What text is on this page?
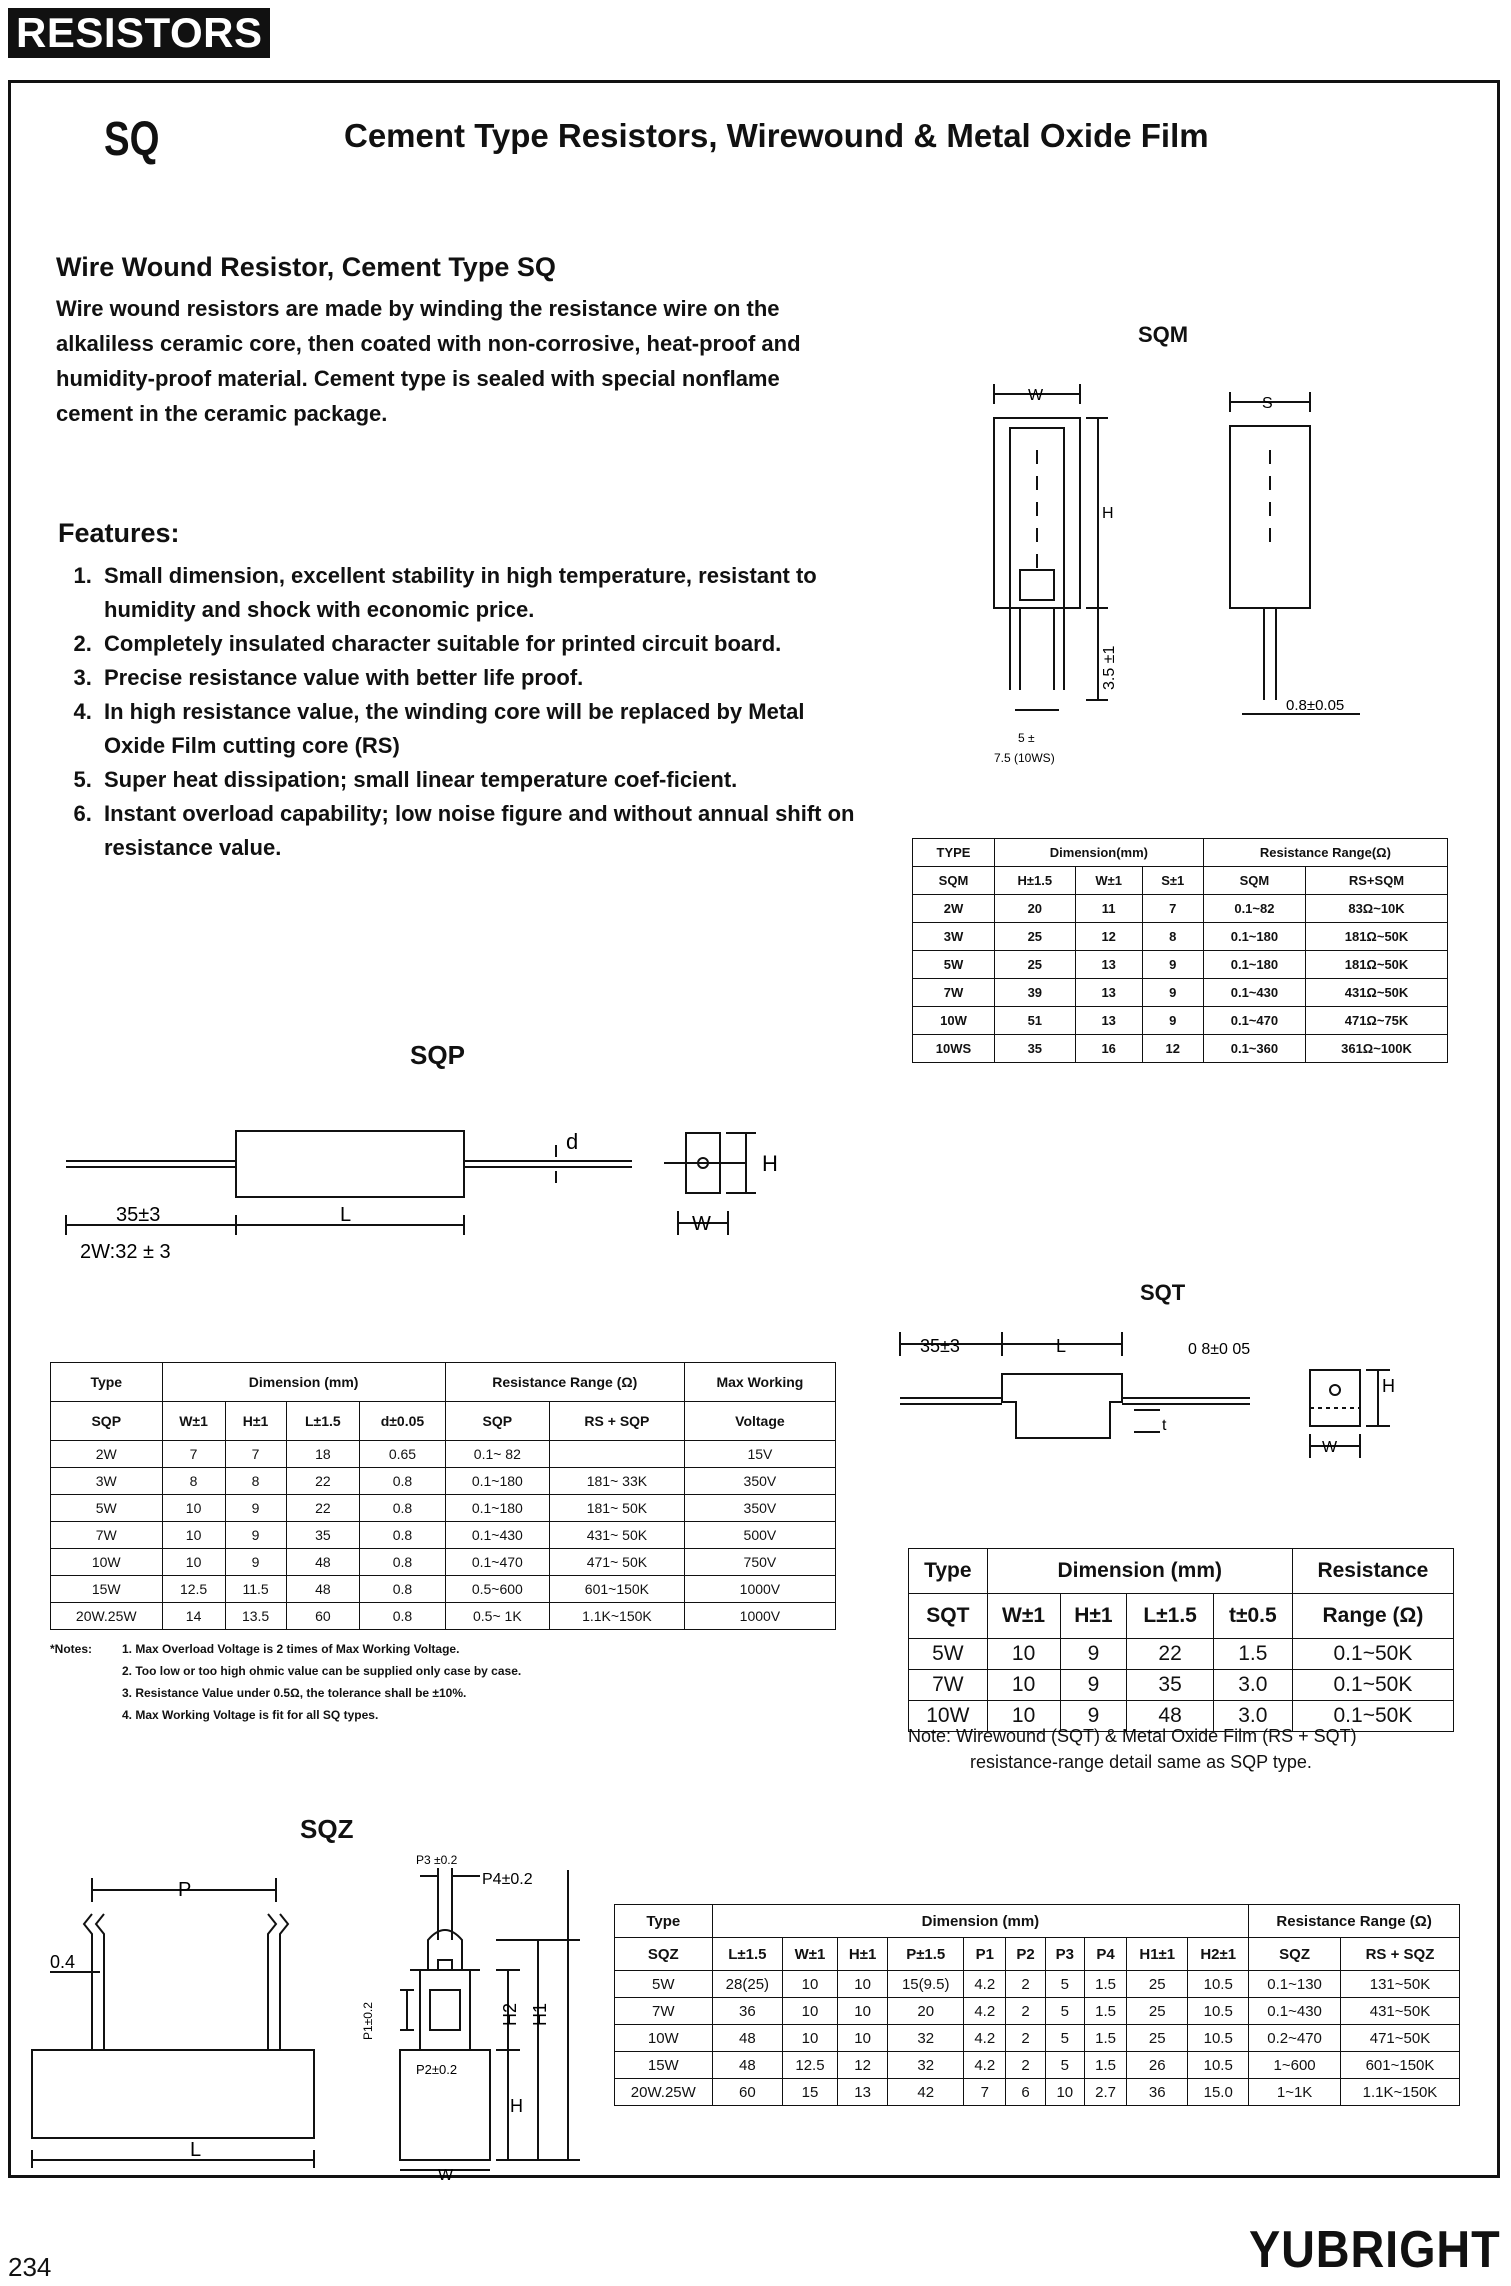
RESISTORS
SQ	Cement Type Resistors, Wirewound & Metal Oxide Film
Wire Wound Resistor, Cement Type SQ
Wire wound resistors are made by winding the resistance wire on the alkaliless ceramic core, then coated with non-corrosive, heat-proof and humidity-proof material. Cement type is sealed with special nonflame cement in the ceramic package.
Features:
1. Small dimension, excellent stability in high temperature, resistant to humidity and shock with economic price.
2. Completely insulated character suitable for printed circuit board.
3. Precise resistance value with better life proof.
4. In high resistance value, the winding core will be replaced by Metal Oxide Film cutting core (RS)
5. Super heat dissipation; small linear temperature coef-ficient.
6. Instant overload capability; low noise figure and without annual shift on resistance value.
SQM
W	S
H
3.5 ±1
0.8±0.05
5 ±
7.5 (10WS)
TYPE	Dimension(mm)			Resistance Range(Ω)	
SQM	H±1.5	W±1	S±1	SQM	RS+SQM
2W	20	11	7	0.1~82	83Ω~10K
3W	25	12	8	0.1~180	181Ω~50K
5W	25	13	9	0.1~180	181Ω~50K
7W	39	13	9	0.1~430	431Ω~50K
10W	51	13	9	0.1~470	471Ω~75K
10WS	35	16	12	0.1~360	361Ω~100K
SQP
35±3	L
2W:32 ± 3
d
H
W
Type	Dimension (mm)				Resistance Range (Ω)		Max Working
SQP	W±1	H±1	L±1.5	d±0.05	SQP	RS + SQP	Voltage
2W	7	7	18	0.65	0.1~ 82		15V
3W	8	8	22	0.8	0.1~180	181~ 33K	350V
5W	10	9	22	0.8	0.1~180	181~ 50K	350V
7W	10	9	35	0.8	0.1~430	431~ 50K	500V
10W	10	9	48	0.8	0.1~470	471~ 50K	750V
15W	12.5	11.5	48	0.8	0.5~600	601~150K	1000V
20W.25W	14	13.5	60	0.8	0.5~ 1K	1.1K~150K	1000V
*Notes: 1. Max Overload Voltage is 2 times of Max Working Voltage.
2. Too low or too high ohmic value can be supplied only case by case.
3. Resistance Value under 0.5Ω, the tolerance shall be ±10%.
4. Max Working Voltage is fit for all SQ types.
SQT
35±3	L	0 8±0 05
t
H
W
Type	Dimension (mm)				Resistance
SQT	W±1	H±1	L±1.5	t±0.5	Range (Ω)
5W	10	9	22	1.5	0.1~50K
7W	10	9	35	3.0	0.1~50K
10W	10	9	48	3.0	0.1~50K
Note: Wirewound (SQT) & Metal Oxide Film (RS + SQT)
resistance-range detail same as SQP type.
SQZ
P
0.4
L
P3 ±0.2
P4±0.2
P1±0.2
P2±0.2
H2 H1
H
W
Type	Dimension (mm)										Resistance Range (Ω)	
SQZ	L±1.5	W±1	H±1	P±1.5	P1	P2	P3	P4	H1±1	H2±1	SQZ	RS + SQZ
5W	28(25)	10	10	15(9.5)	4.2	2	5	1.5	25	10.5	0.1~130	131~50K
7W	36	10	10	20	4.2	2	5	1.5	25	10.5	0.1~430	431~50K
10W	48	10	10	32	4.2	2	5	1.5	25	10.5	0.2~470	471~50K
15W	48	12.5	12	32	4.2	2	5	1.5	26	10.5	1~600	601~150K
20W.25W	60	15	13	42	7	6	10	2.7	36	15.0	1~1K	1.1K~150K
234	YUBRIGHT
